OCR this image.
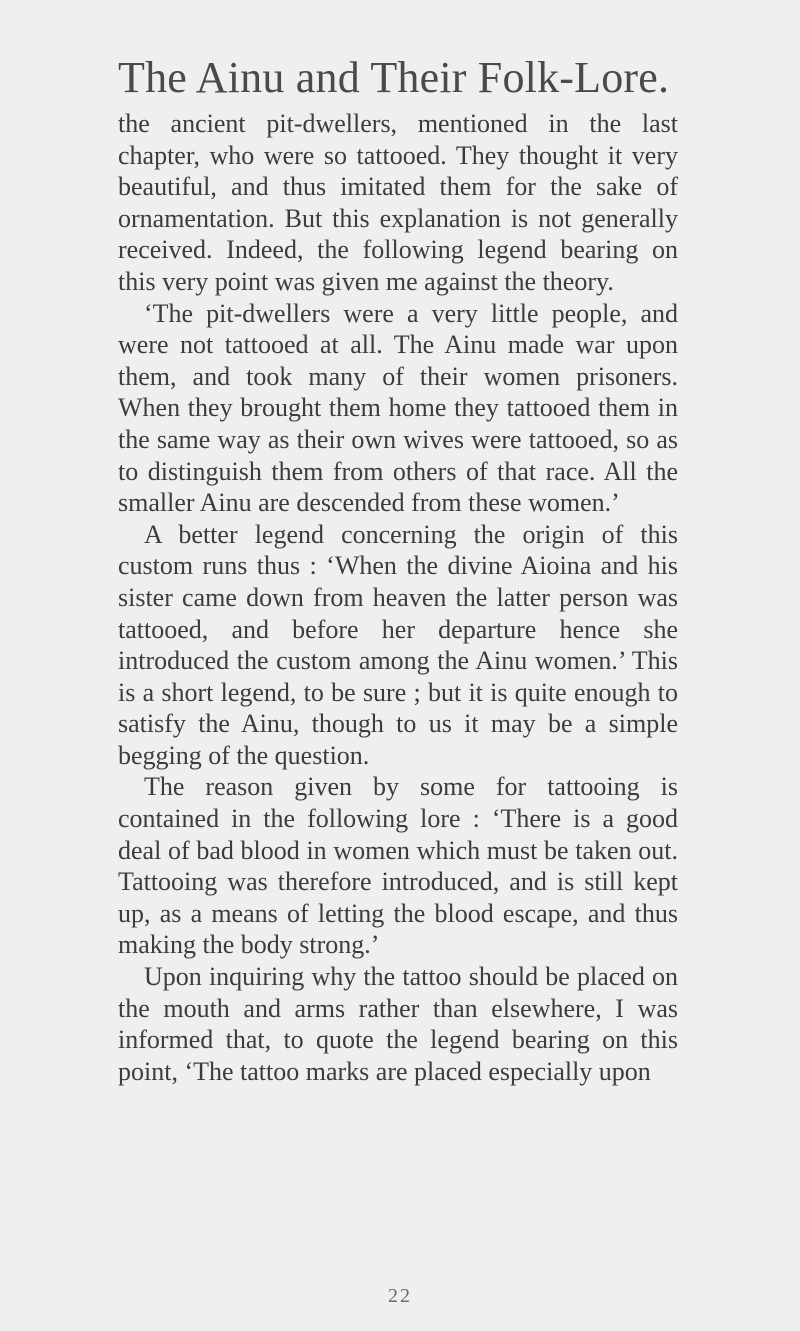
The Ainu and Their Folk-Lore.

the ancient pit-dwellers, mentioned in the last chapter, who were so tattooed. They thought it very beautiful, and thus imitated them for the sake of ornamentation. But this explanation is not generally received. Indeed, the following legend bearing on this very point was given me against the theory.

‘The pit-dwellers were a very little people, and were not tattooed at all. The Ainu made war upon them, and took many of their women prisoners. When they brought them home they tattooed them in the same way as their own wives were tattooed, so as to distinguish them from others of that race. All the smaller Ainu are descended from these women.’

A better legend concerning the origin of this custom runs thus : ‘When the divine Aioina and his sister came down from heaven the latter person was tattooed, and before her departure hence she introduced the custom among the Ainu women.’ This is a short legend, to be sure ; but it is quite enough to satisfy the Ainu, though to us it may be a simple begging of the question.

The reason given by some for tattooing is contained in the following lore : ‘There is a good deal of bad blood in women which must be taken out. Tattooing was therefore introduced, and is still kept up, as a means of letting the blood escape, and thus making the body strong.’

Upon inquiring why the tattoo should be placed on the mouth and arms rather than elsewhere, I was informed that, to quote the legend bearing on this point, ‘The tattoo marks are placed especially upon

22
